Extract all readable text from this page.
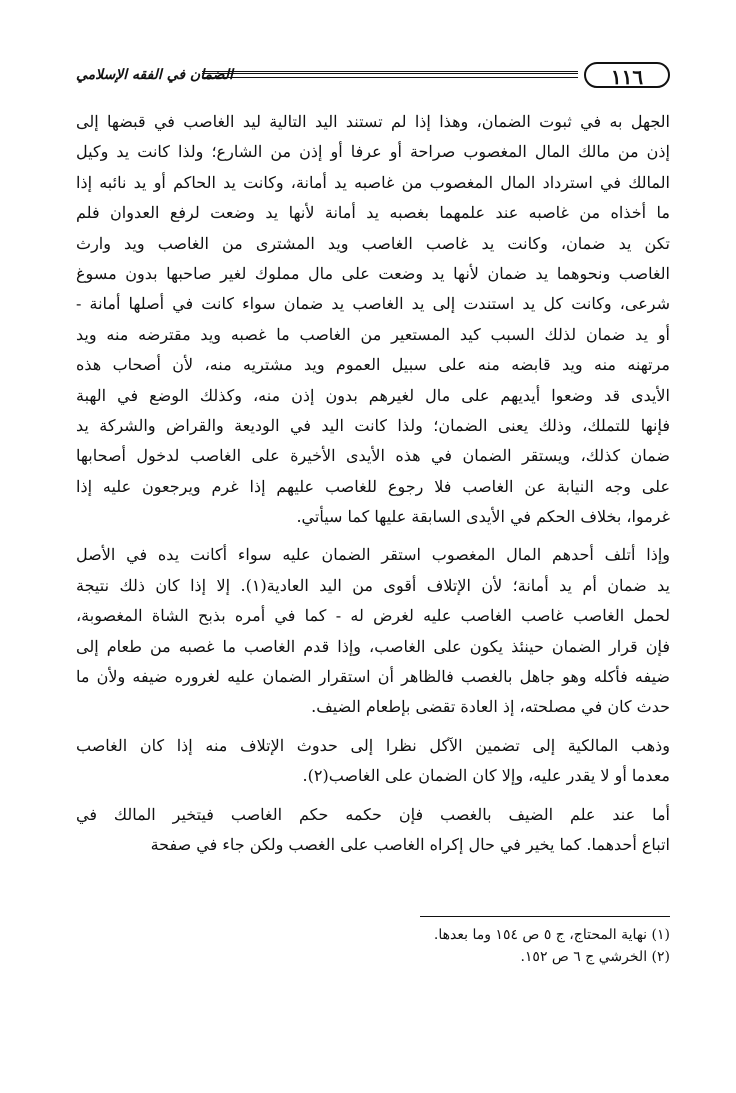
الضمان في الفقه الإسلامي	١١٦
الجهل به في ثبوت الضمان، وهذا إذا لم تستند اليد التالية ليد الغاصب في قبضها إلى
إذن من مالك المال المغصوب صراحة أو عرفا أو إذن من الشارع؛ ولذا كانت يد وكيل
المالك في استرداد المال المغصوب من غاصبه يد أمانة، وكانت يد الحاكم أو يد نائبه إذا
ما أخذاه من غاصبه عند علمهما بغصبه يد أمانة لأنها يد وضعت لرفع العدوان فلم
تكن يد ضمان، وكانت يد غاصب الغاصب ويد المشترى من الغاصب ويد وارث
الغاصب ونحوهما يد ضمان لأنها يد وضعت على مال مملوك لغير صاحبها بدون مسوغ
شرعى، وكانت كل يد استندت إلى يد الغاصب يد ضمان سواء كانت في أصلها أمانة -
أو يد ضمان لذلك السبب كيد المستعير من الغاصب ما غصبه ويد مقترضه منه ويد
مرتهنه منه ويد قابضه منه على سبيل العموم ويد مشتريه منه، لأن أصحاب هذه
الأيدى قد وضعوا أيديهم على مال لغيرهم بدون إذن منه، وكذلك الوضع في الهبة
فإنها للتملك، وذلك يعنى الضمان؛ ولذا كانت اليد في الوديعة والقراض والشركة يد
ضمان كذلك، ويستقر الضمان في هذه الأيدى الأخيرة على الغاصب لدخول أصحابها
على وجه النيابة عن الغاصب فلا رجوع للغاصب عليهم إذا غرم ويرجعون عليه إذا
غرموا، بخلاف الحكم في الأيدى السابقة عليها كما سيأتي.
وإذا أتلف أحدهم المال المغصوب استقر الضمان عليه سواء أكانت يده في الأصل
يد ضمان أم يد أمانة؛ لأن الإتلاف أقوى من اليد العادية(١). إلا إذا كان ذلك نتيجة
لحمل الغاصب غاصب الغاصب عليه لغرض له - كما في أمره بذبح الشاة المغصوبة،
فإن قرار الضمان حينئذ يكون على الغاصب، وإذا قدم الغاصب ما غصبه من طعام إلى
ضيفه فأكله وهو جاهل بالغصب فالظاهر أن استقرار الضمان عليه لغروره ضيفه ولأن ما
حدث كان في مصلحته، إذ العادة تقضى بإطعام الضيف.
وذهب المالكية إلى تضمين الآكل نظرا إلى حدوث الإتلاف منه إذا كان الغاصب
معدما أو لا يقدر عليه، وإلا كان الضمان على الغاصب(٢).
أما عند علم الضيف بالغصب فإن حكمه حكم الغاصب فيتخير المالك في
اتباع أحدهما. كما يخير في حال إكراه الغاصب على الغصب ولكن جاء في صفحة
(١) نهاية المحتاج، ج ٥ ص ١٥٤ وما بعدها.
(٢) الخرشي ج ٦ ص ١٥٢.
